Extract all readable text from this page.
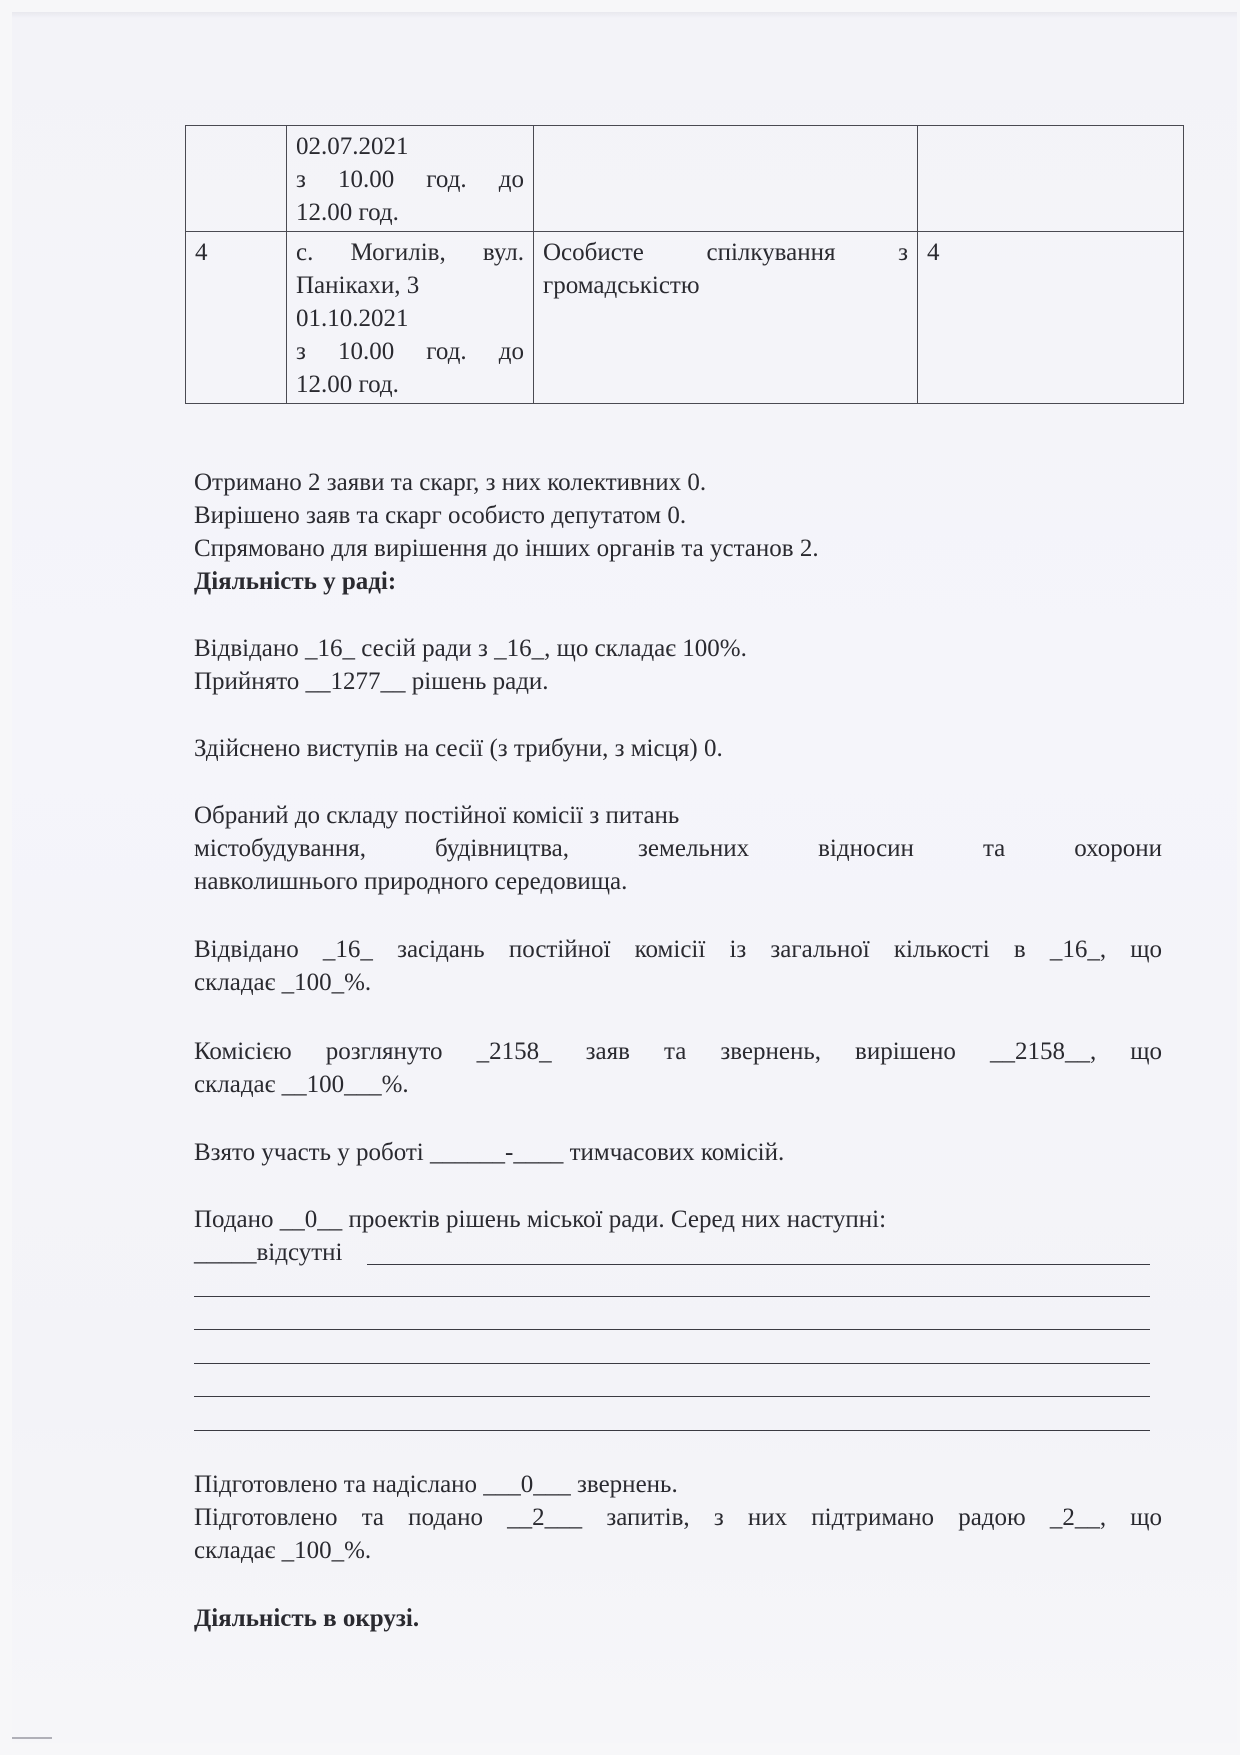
	02.07.2021
з 10.00 год. до
12.00 год.		

4	с. Могилів, вул.
Панікахи, 3
01.10.2021
з 10.00 год. до
12.00 год.	Особисте спілкування з
громадськістю	4
Отримано 2 заяви та скарг, з них колективних 0.
Вирішено заяв та скарг особисто депутатом 0.
Спрямовано для вирішення до інших органів та установ 2.
Діяльність у раді:
Відвідано _16_ сесій ради з _16_, що складає 100%.
Прийнято __1277__ рішень ради.
Здійснено виступів на сесії (з трибуни, з місця) 0.
Обраний до складу постійної комісії з питань
містобудування, будівництва, земельних відносин та охорони
навколишнього природного середовища.
Відвідано _16_ засідань постійної комісії із загальної кількості в _16_, що
складає _100_%.
Комісією розглянуто _2158_ заяв та звернень, вирішено __2158__, що
складає __100___%.
Взято участь у роботі ______-____ тимчасових комісій.
Подано __0__ проектів рішень міської ради. Серед них наступні:
_____відсутні
Підготовлено та надіслано ___0___ звернень.
Підготовлено та подано __2___ запитів, з них підтримано радою _2__, що
складає _100_%.
Діяльність в окрузі.
